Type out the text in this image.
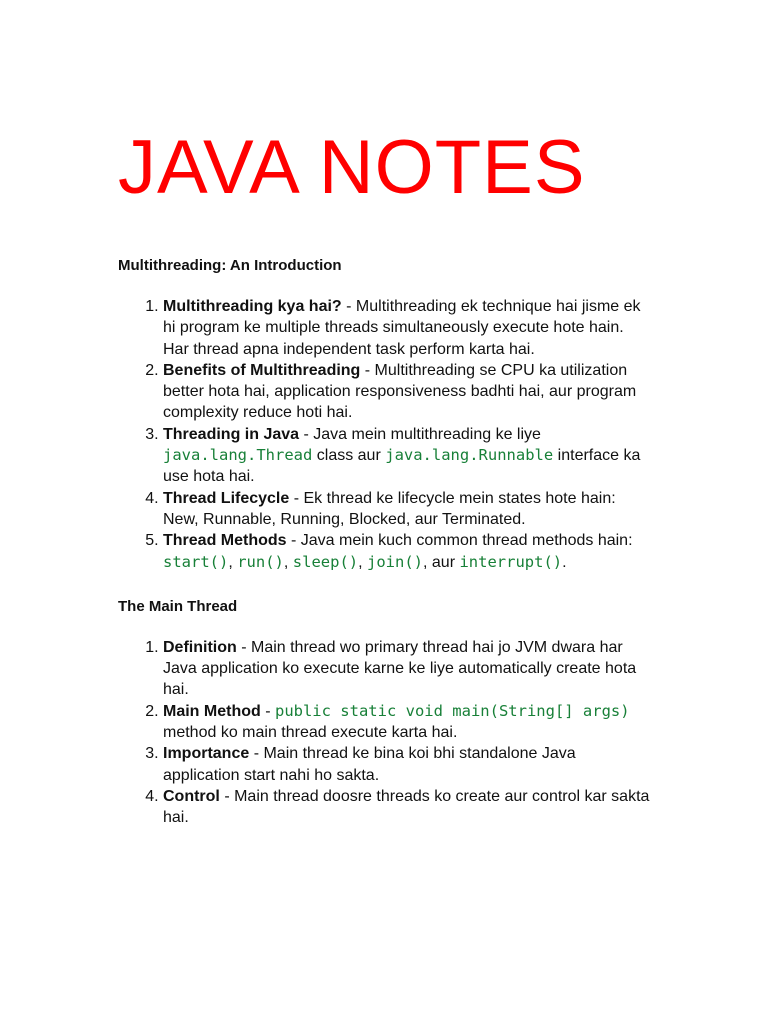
JAVA NOTES
Multithreading: An Introduction
1. Multithreading kya hai? - Multithreading ek technique hai jisme ek hi program ke multiple threads simultaneously execute hote hain. Har thread apna independent task perform karta hai.
2. Benefits of Multithreading - Multithreading se CPU ka utilization better hota hai, application responsiveness badhti hai, aur program complexity reduce hoti hai.
3. Threading in Java - Java mein multithreading ke liye java.lang.Thread class aur java.lang.Runnable interface ka use hota hai.
4. Thread Lifecycle - Ek thread ke lifecycle mein states hote hain: New, Runnable, Running, Blocked, aur Terminated.
5. Thread Methods - Java mein kuch common thread methods hain: start(), run(), sleep(), join(), aur interrupt().
The Main Thread
1. Definition - Main thread wo primary thread hai jo JVM dwara har Java application ko execute karne ke liye automatically create hota hai.
2. Main Method - public static void main(String[] args) method ko main thread execute karta hai.
3. Importance - Main thread ke bina koi bhi standalone Java application start nahi ho sakta.
4. Control - Main thread doosre threads ko create aur control kar sakta hai.
